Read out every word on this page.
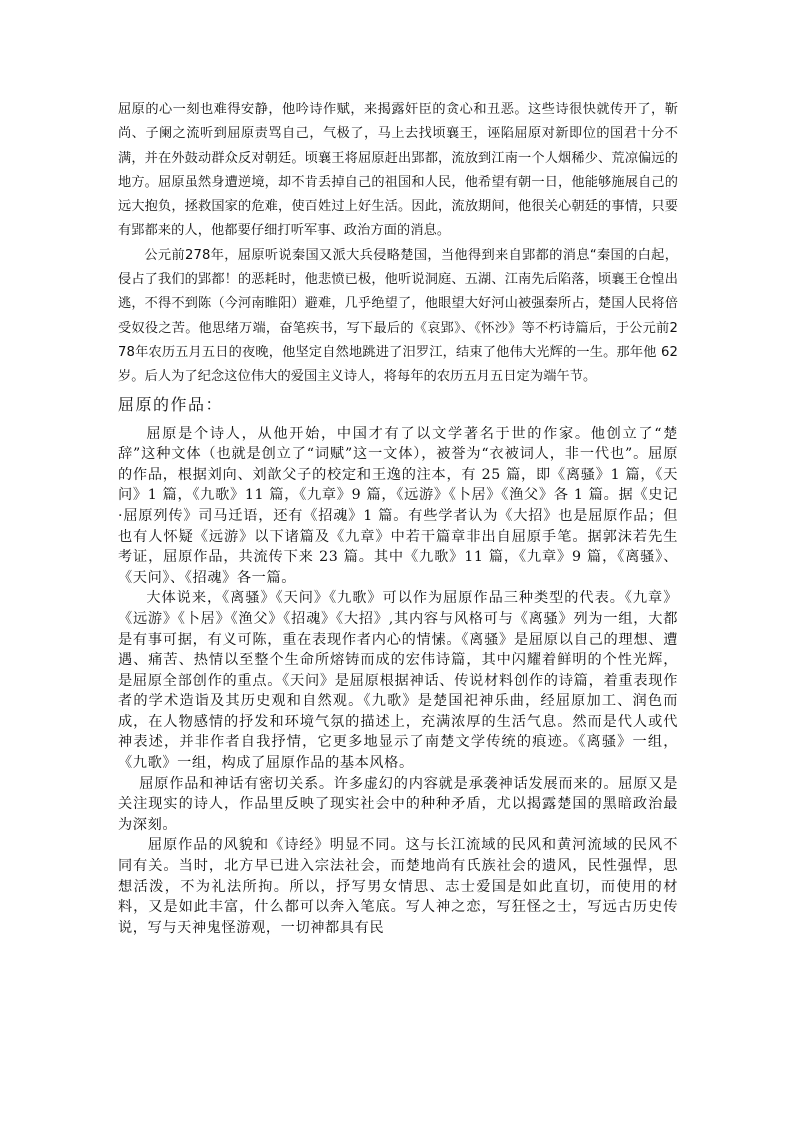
屈原的心一刻也难得安静，他吟诗作赋，来揭露奸臣的贪心和丑恶。这些诗很快就传开了，靳尚、子阑之流听到屈原责骂自己，气极了，马上去找顷襄王，诬陷屈原对新即位的国君十分不满，并在外鼓动群众反对朝廷。顷襄王将屈原赶出郢都，流放到江南一个人烟稀少、荒凉偏远的地方。屈原虽然身遭逆境，却不肯丢掉自己的祖国和人民，他希望有朝一日，他能够施展自己的远大抱负，拯救国家的危难，使百姓过上好生活。因此，流放期间，他很关心朝廷的事情，只要有郢都来的人，他都要仔细打听军事、政治方面的消息。

公元前278年，屈原听说秦国又派大兵侵略楚国，当他得到来自郢都的消息“秦国的白起，侵占了我们的郢都！的恶耗时，他悲愤已极，他听说洞庭、五湖、江南先后陷落，顷襄王仓惶出逃，不得不到陈（今河南睢阳）避难，几乎绝望了，他眼望大好河山被强秦所占，楚国人民将倍受奴役之苦。他思绪万端，奋笔疾书，写下最后的《哀郢》、《怀沙》等不朽诗篇后，于公元前278年农历五月五日的夜晚，他坚定自然地跳进了汨罗江，结束了他伟大光辉的一生。那年他 62 岁。后人为了纪念这位伟大的爱国主义诗人，将每年的农历五月五日定为端午节。

屈原的作品：

屈原是个诗人，从他开始，中国才有了以文学著名于世的作家。他创立了“楚辞”这种文体（也就是创立了“词赋”这一文体），被誉为“衣被词人，非一代也”。屈原的作品，根据刘向、刘歆父子的校定和王逸的注本，有 25 篇，即《离骚》1 篇，《天问》1 篇，《九歌》11 篇，《九章》9 篇，《远游》《卜居》《渔父》各 1 篇。据《史记·屈原列传》司马迁语，还有《招魂》1 篇。有些学者认为《大招》也是屈原作品；但也有人怀疑《远游》以下诸篇及《九章》中若干篇章非出自屈原手笔。据郭沫若先生考证，屈原作品，共流传下来 23 篇。其中《九歌》11 篇，《九章》9 篇，《离骚》、《天问》、《招魂》各一篇。

大体说来，《离骚》《天问》《九歌》可以作为屈原作品三种类型的代表。《九章》《远游》《卜居》《渔父》《招魂》《大招》,其内容与风格可与《离骚》列为一组，大都是有事可据，有义可陈，重在表现作者内心的情愫。《离骚》是屈原以自己的理想、遭遇、痛苦、热情以至整个生命所熔铸而成的宏伟诗篇，其中闪耀着鲜明的个性光辉，是屈原全部创作的重点。《天问》是屈原根据神话、传说材料创作的诗篇，着重表现作者的学术造诣及其历史观和自然观。《九歌》是楚国祀神乐曲，经屈原加工、润色而成，在人物感情的抒发和环境气氛的描述上，充满浓厚的生活气息。然而是代人或代神表述，并非作者自我抒情，它更多地显示了南楚文学传统的痕迹。《离骚》一组，《九歌》一组，构成了屈原作品的基本风格。

屈原作品和神话有密切关系。许多虚幻的内容就是承袭神话发展而来的。屈原又是关注现实的诗人，作品里反映了现实社会中的种种矛盾，尤以揭露楚国的黑暗政治最为深刻。

屈原作品的风貌和《诗经》明显不同。这与长江流域的民风和黄河流域的民风不同有关。当时，北方早已进入宗法社会，而楚地尚有氏族社会的遗风，民性强悍，思想活泼，不为礼法所拘。所以，抒写男女情思、志士爱国是如此直切，而使用的材料，又是如此丰富，什么都可以奔入笔底。写人神之恋，写狂怪之士，写远古历史传说，写与天神鬼怪游观，一切神都具有民
